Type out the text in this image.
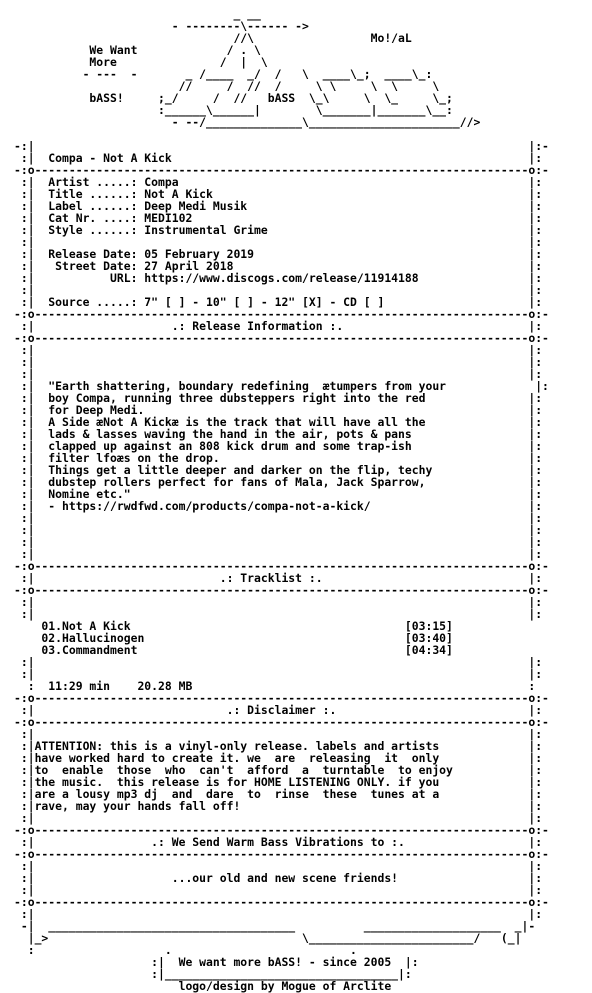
_ __
- --------\------ ->
//\                 Mo!/aL
We Want             / . \
More               /  |  \
- ---  -       _ /____  _/  /   \  ____\_;  ____\_:
//     /  //  /     \ \     \  \     \
bASS!     ;_/     /  //   bASS  \_\     \  \_     \_;
:______\______|        \_______|_______\__:
- --/______________\______________________//>

-:|                                                                        |:-
:|  Compa - Not A Kick                                                    |:
-:o------------------------------------------------------------------------o:-
:|  Artist .....: Compa                                                   |:
:|  Title ......: Not A Kick                                              |:
:|  Label ......: Deep Medi Musik                                         |:
:|  Cat Nr. ....: MEDI102                                                 |:
:|  Style ......: Instrumental Grime                                      |:
:|                                                                        |:
:|  Release Date: 05 February 2019                                        |:
:|   Street Date: 27 April 2018                                           |:
:|           URL: https://www.discogs.com/release/11914188                |:
:|                                                                        |:
:|  Source .....: 7" [ ] - 10" [ ] - 12" [X] - CD [ ]                     |:
-:o------------------------------------------------------------------------o:-
:|                    .: Release Information :.                           |:
-:o------------------------------------------------------------------------o:-
:|                                                                        |:
:|                                                                        |:
:|                                                                        |:
:|  "Earth shattering, boundary redefining  ætumpers from your             |:
:|  boy Compa, running three dubsteppers right into the red               |:
:|  for Deep Medi.                                                        |:
:|  A Side æNot A Kickæ is the track that will have all the               |:
:|  lads & lasses waving the hand in the air, pots & pans                 |:
:|  clapped up against an 808 kick drum and some trap-ish                 |:
:|  filter lfoæs on the drop.                                             |:
:|  Things get a little deeper and darker on the flip, techy              |:
:|  dubstep rollers perfect for fans of Mala, Jack Sparrow,               |:
:|  Nomine etc."                                                          |:
:|  - https://rwdfwd.com/products/compa-not-a-kick/                       |:
:|                                                                        |:
:|                                                                        |:
:|                                                                        |:
:|                                                                        |:
-:o------------------------------------------------------------------------o:-
:|                           .: Tracklist :.                              |:
-:o------------------------------------------------------------------------o:-
:|                                                                        |:
:|                                                                        |:
01.Not A Kick                                        [03:15]
02.Hallucinogen                                      [03:40]
03.Commandment                                       [04:34]
:|                                                                        |:
:|                                                                        |:
:  11:29 min    20.28 MB                                                 :
-:o------------------------------------------------------------------------o:-
:|                            .: Disclaimer :.                            |:
-:o------------------------------------------------------------------------o:-
:|                                                                        |:
:|ATTENTION: this is a vinyl-only release. labels and artists             |:
:|have worked hard to create it. we  are  releasing  it  only             |:
:|to  enable  those  who  can't  afford  a  turntable  to enjoy           |:
:|the music.  this release is for HOME LISTENING ONLY. if you             |:
:|are a lousy mp3 dj  and  dare  to  rinse  these  tunes at a             |:
:|rave, may your hands fall off!                                          |:
:|                                                                        |:
-:o------------------------------------------------------------------------o:-
:|                 .: We Send Warm Bass Vibrations to :.                  |:
-:o------------------------------------------------------------------------o:-
:|                                                                        |:
:|                    ...our old and new scene friends!                   |:
:|                                                                        |:
-:o------------------------------------------------------------------------o:-
:|                                                                        |:
-|  ____________________________________          ____________________  _|-
|_>                                     \________________________/   (_|
:                   .                          .
:|  We want more bASS! - since 2005  |:
:|__________________________________|:
logo/design by Mogue of Arclite
